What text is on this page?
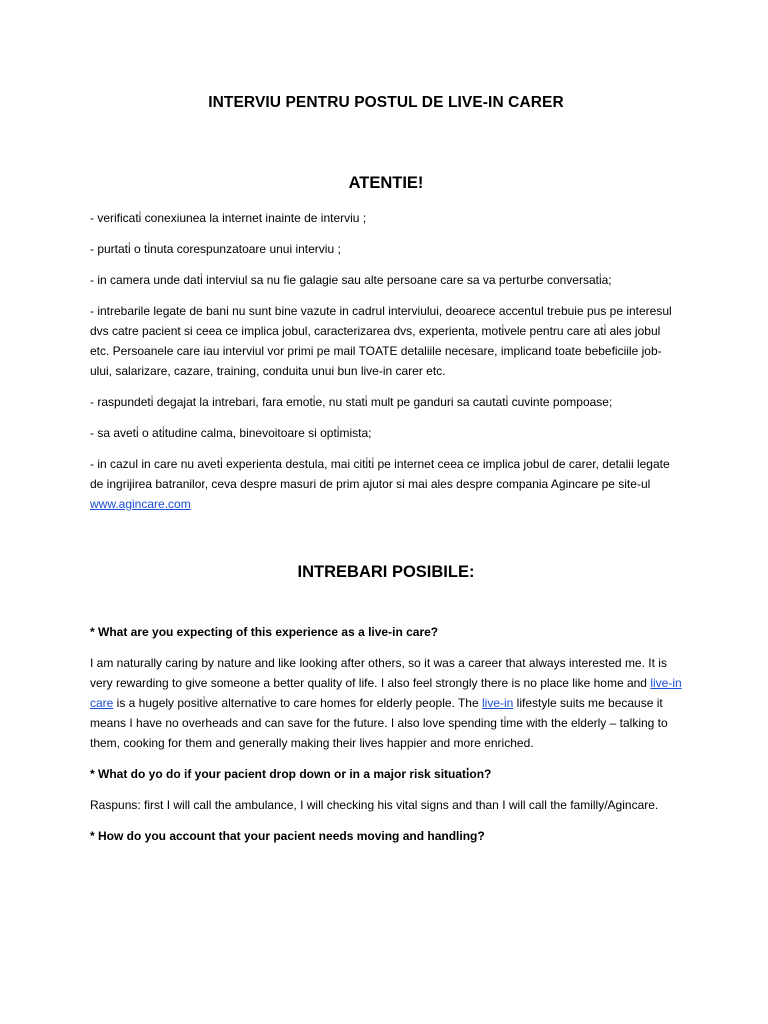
INTERVIU PENTRU POSTUL DE LIVE-IN CARER
ATENTIE!

- verificati̇ conexiunea la internet inainte de interviu ;

- purtati̇ o ti̇nuta corespunzatoare unui interviu ;

- in camera unde dati̇ interviul sa nu fie galagie sau alte persoane care sa va perturbe conversati̇a;

- intrebarile legate de bani nu sunt bine vazute in cadrul interviului, deoarece accentul trebuie pus pe interesul dvs catre pacient si ceea ce implica jobul, caracterizarea dvs, experienta, moti̇vele pentru care ati̇ ales jobul etc. Persoanele care iau interviul vor primi pe mail TOATE detaliile necesare, implicand toate bebeficiile job-ului, salarizare, cazare, training, conduita unui bun live-in carer etc.

- raspundeti̇ degajat la intrebari, fara emoti̇e, nu stati̇ mult pe ganduri sa cautati̇ cuvinte pompoase;

- sa aveti̇ o ati̇tudine calma, binevoitoare si opti̇mista;

- in cazul in care nu aveti̇ experienta destula, mai citi̇ti̇ pe internet ceea ce implica jobul de carer, detalii legate de ingrijirea batranilor, ceva despre masuri de prim ajutor si mai ales despre compania Agincare pe site-ul www.agincare.com

INTREBARI POSIBILE:

* What are you expecting of this experience as a live-in care?

I am naturally caring by nature and like looking after others, so it was a career that always interested me. It is very rewarding to give someone a better quality of life. I also feel strongly there is no place like home and live-in care is a hugely positi̇ve alternati̇ve to care homes for elderly people. The live-in lifestyle suits me because it means I have no overheads and can save for the future. I also love spending ti̇me with the elderly – talking to them, cooking for them and generally making their lives happier and more enriched.

* What do yo do if your pacient drop down or in a major risk situati̇on?

Raspuns: first I will call the ambulance, I will checking his vital signs and than I will call the familly/Agincare.

* How do you account that your pacient needs moving and handling?
